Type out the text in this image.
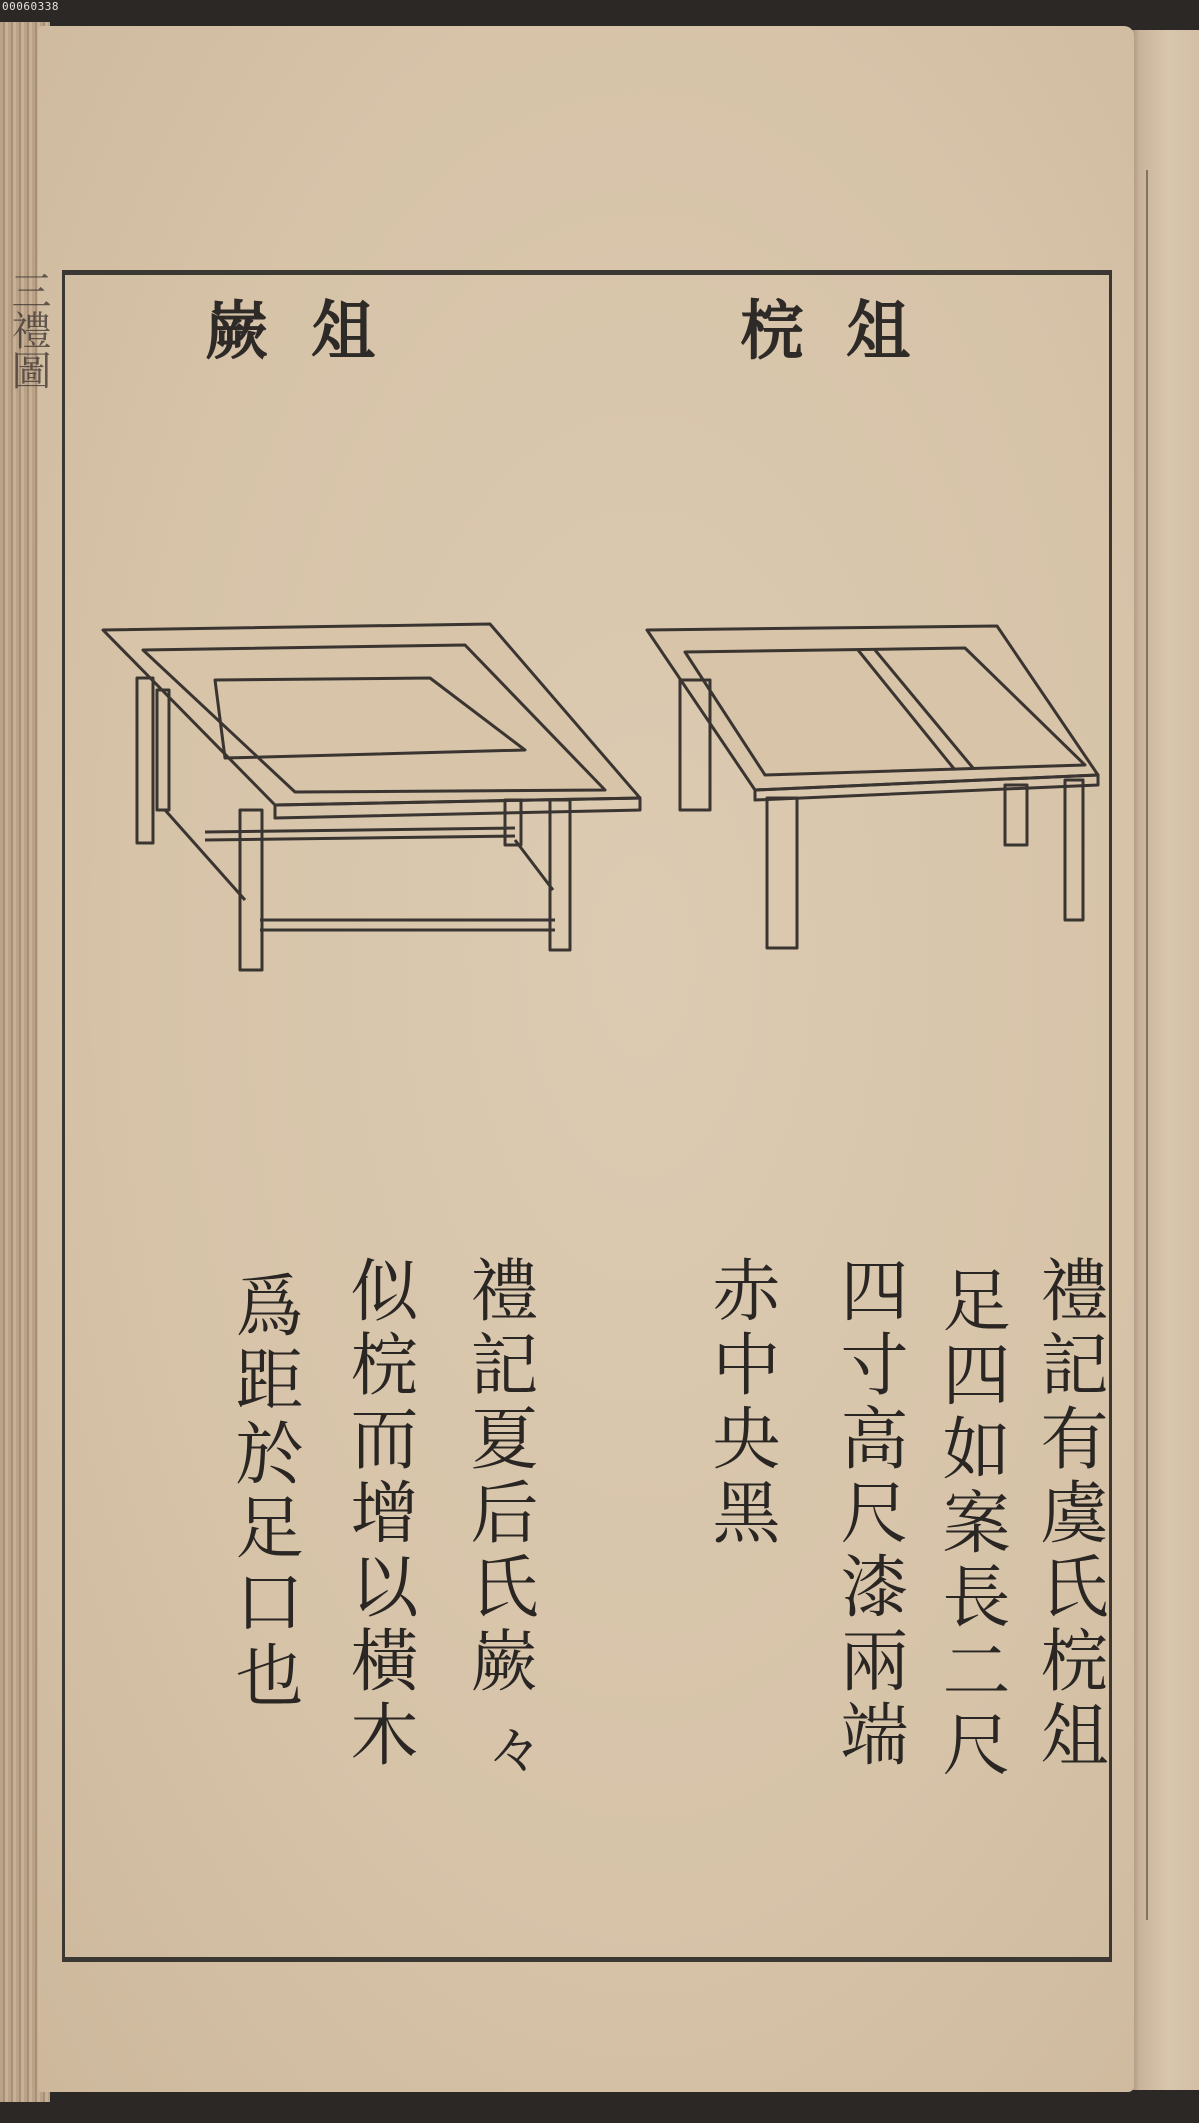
00060338
三禮圖	梡俎
嶡俎
禮記有虞氏梡俎
足四如案長二尺
四寸高尺漆兩端
赤中央黑
禮記夏后氏嶡
似梡而增以橫木
爲距於足口也
々
